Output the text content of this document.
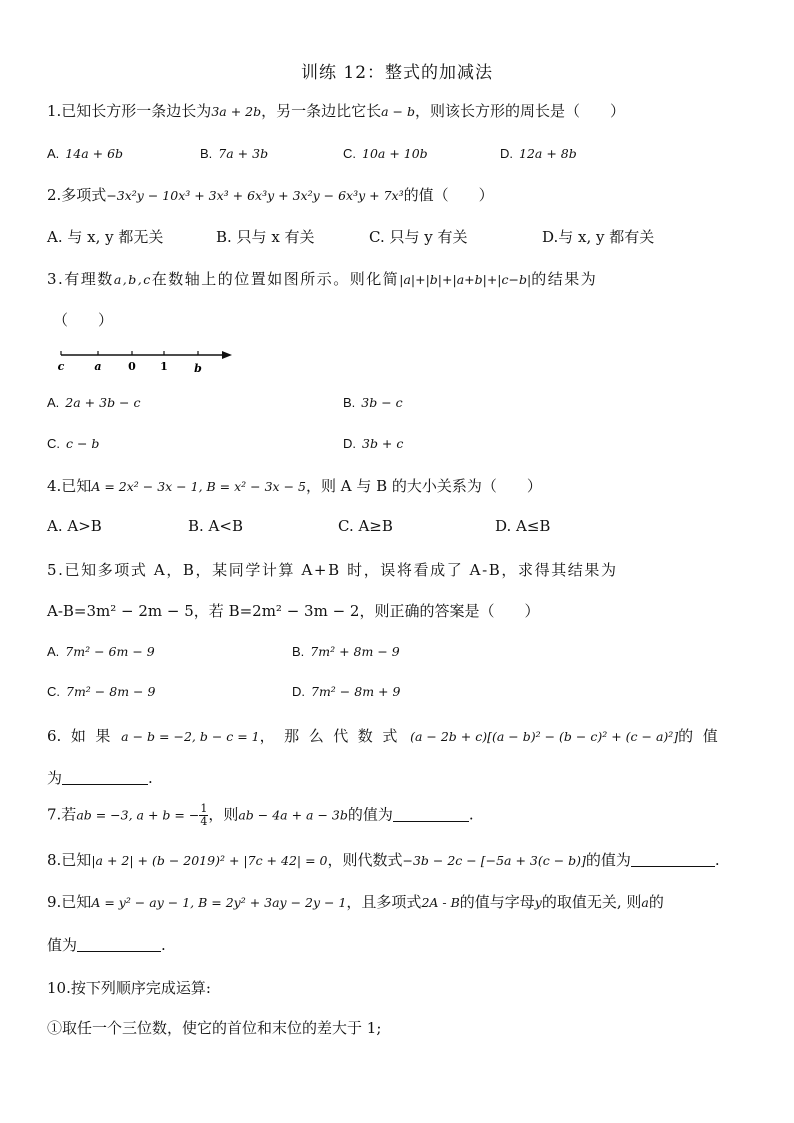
训练 12：整式的加减法
1.已知长方形一条边长为3a + 2b，另一条边比它长a − b，则该长方形的周长是（　　）
A. 14a + 6b	B. 7a + 3b	C. 10a + 10b	D. 12a + 8b
2.多项式−3x²y − 10x³ + 3x³ + 6x³y + 3x²y − 6x³y + 7x³的值（　　）
A. 与 x, y 都无关	B. 只与 x 有关	C. 只与 y 有关	D.与 x, y 都有关
3.有理数a,b,c在数轴上的位置如图所示。则化简|a|+|b|+|a+b|+|c−b|的结果为
（　　）
c	a 0 1 b
A. 2a + 3b − c	B. 3b − c
C. c − b	D. 3b + c
4.已知A = 2x² − 3x − 1, B = x² − 3x − 5，则 A 与 B 的大小关系为（　　）
A. A>B	B. A<B	C. A≥B	D. A≤B
5.已知多项式 A，B，某同学计算 A+B 时，误将看成了 A-B，求得其结果为
A-B=3m² − 2m − 5，若 B=2m² − 3m − 2，则正确的答案是（　　）
A. 7m² − 6m − 9	B. 7m² + 8m − 9
C. 7m² − 8m − 9	D. 7m² − 8m + 9
6.  如  果 a − b = −2, b − c = 1，  那  么  代  数  式 (a − 2b + c)[(a − b)² − (b − c)² + (c − a)²]的  值
为	.
7.若ab = −3, a + b = − $\frac{1}{4}$ ，则ab − 4a + a − 3b的值为	.
8.已知|a + 2| + (b − 2019)² + |7c + 42| = 0，则代数式−3b − 2c − [−5a + 3(c − b)]的值为	.
9.已知A = y² − ay − 1, B = 2y² + 3ay − 2y − 1，且多项式2A - B的值与字母y的取值无关, 则a的
值为	.
10.按下列顺序完成运算:
①取任一个三位数，使它的首位和末位的差大于 1;
